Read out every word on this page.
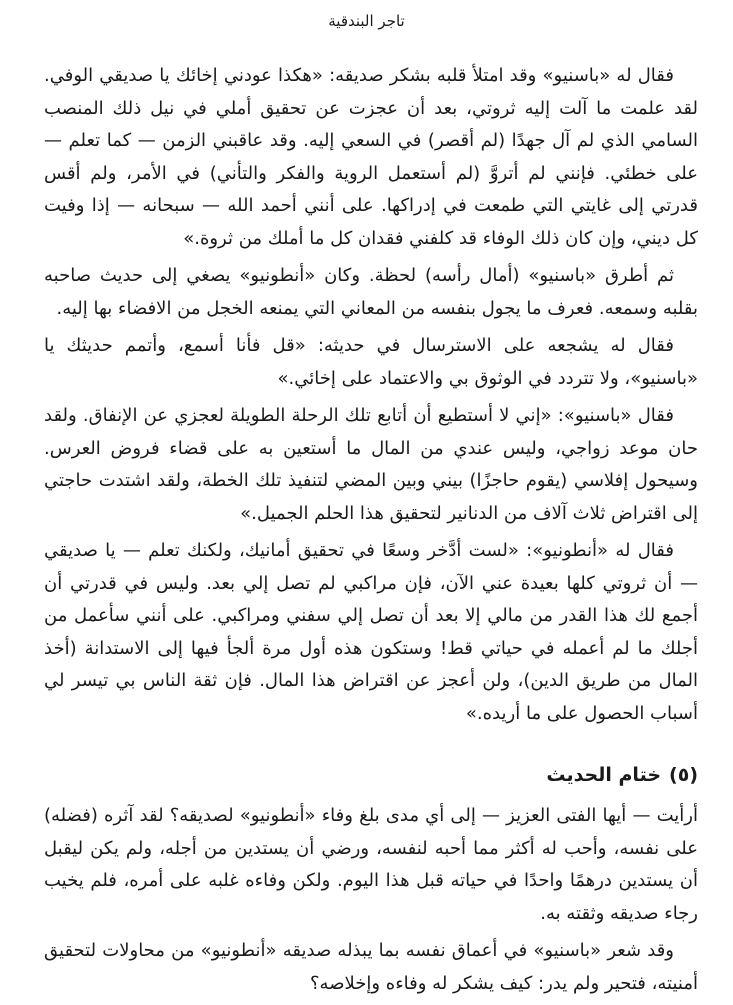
تاجر البندقية

فقال له «باسنيو» وقد امتلأ قلبه بشكر صديقه: «هكذا عودني إخائك يا صديقي الوفي. لقد علمت ما آلت إليه ثروتي، بعد أن عجزت عن تحقيق أملي في نيل ذلك المنصب السامي الذي لم آل جهدًا (لم أقصر) في السعي إليه. وقد عاقبني الزمن — كما تعلم — على خطئي. فإنني لم أتروَّ (لم أستعمل الروية والفكر والتأني) في الأمر، ولم أقس قدرتي إلى غايتي التي طمعت في إدراكها. على أنني أحمد الله — سبحانه — إذا وفيت كل ديني، وإن كان ذلك الوفاء قد كلفني فقدان كل ما أملك من ثروة.»

ثم أطرق «باسنيو» (أمال رأسه) لحظة. وكان «أنطونيو» يصغي إلى حديث صاحبه بقلبه وسمعه. فعرف ما يجول بنفسه من المعاني التي يمنعه الخجل من الافضاء بها إليه.

فقال له يشجعه على الاسترسال في حديثه: «قل فأنا أسمع، وأتمم حديثك يا «باسنيو»، ولا تتردد في الوثوق بي والاعتماد على إخائي.»

فقال «باسنيو»: «إني لا أستطيع أن أتابع تلك الرحلة الطويلة لعجزي عن الإنفاق. ولقد حان موعد زواجي، وليس عندي من المال ما أستعين به على قضاء فروض العرس. وسيحول إفلاسي (يقوم حاجزًا) بيني وبين المضي لتنفيذ تلك الخطة، ولقد اشتدت حاجتي إلى اقتراض ثلاث آلاف من الدنانير لتحقيق هذا الحلم الجميل.»

فقال له «أنطونيو»: «لست أدَّخر وسعًا في تحقيق أمانيك، ولكنك تعلم — يا صديقي — أن ثروتي كلها بعيدة عني الآن، فإن مراكبي لم تصل إلي بعد. وليس في قدرتي أن أجمع لك هذا القدر من مالي إلا بعد أن تصل إلي سفني ومراكبي. على أنني سأعمل من أجلك ما لم أعمله في حياتي قط! وستكون هذه أول مرة ألجأ فيها إلى الاستدانة (أخذ المال من طريق الدين)، ولن أعجز عن اقتراض هذا المال. فإن ثقة الناس بي تيسر لي أسباب الحصول على ما أريده.»

(٥)ختام الحديث

أرأيت — أيها الفتى العزيز — إلى أي مدى بلغ وفاء «أنطونيو» لصديقه؟ لقد آثره (فضله) على نفسه، وأحب له أكثر مما أحبه لنفسه، ورضي أن يستدين من أجله، ولم يكن ليقبل أن يستدين درهمًا واحدًا في حياته قبل هذا اليوم. ولكن وفاءه غلبه على أمره، فلم يخيب رجاء صديقه وثقته به.

وقد شعر «باسنيو» في أعماق نفسه بما يبذله صديقه «أنطونيو» من محاولات لتحقيق أمنيته، فتحير ولم يدر: كيف يشكر له وفاءه وإخلاصه؟
